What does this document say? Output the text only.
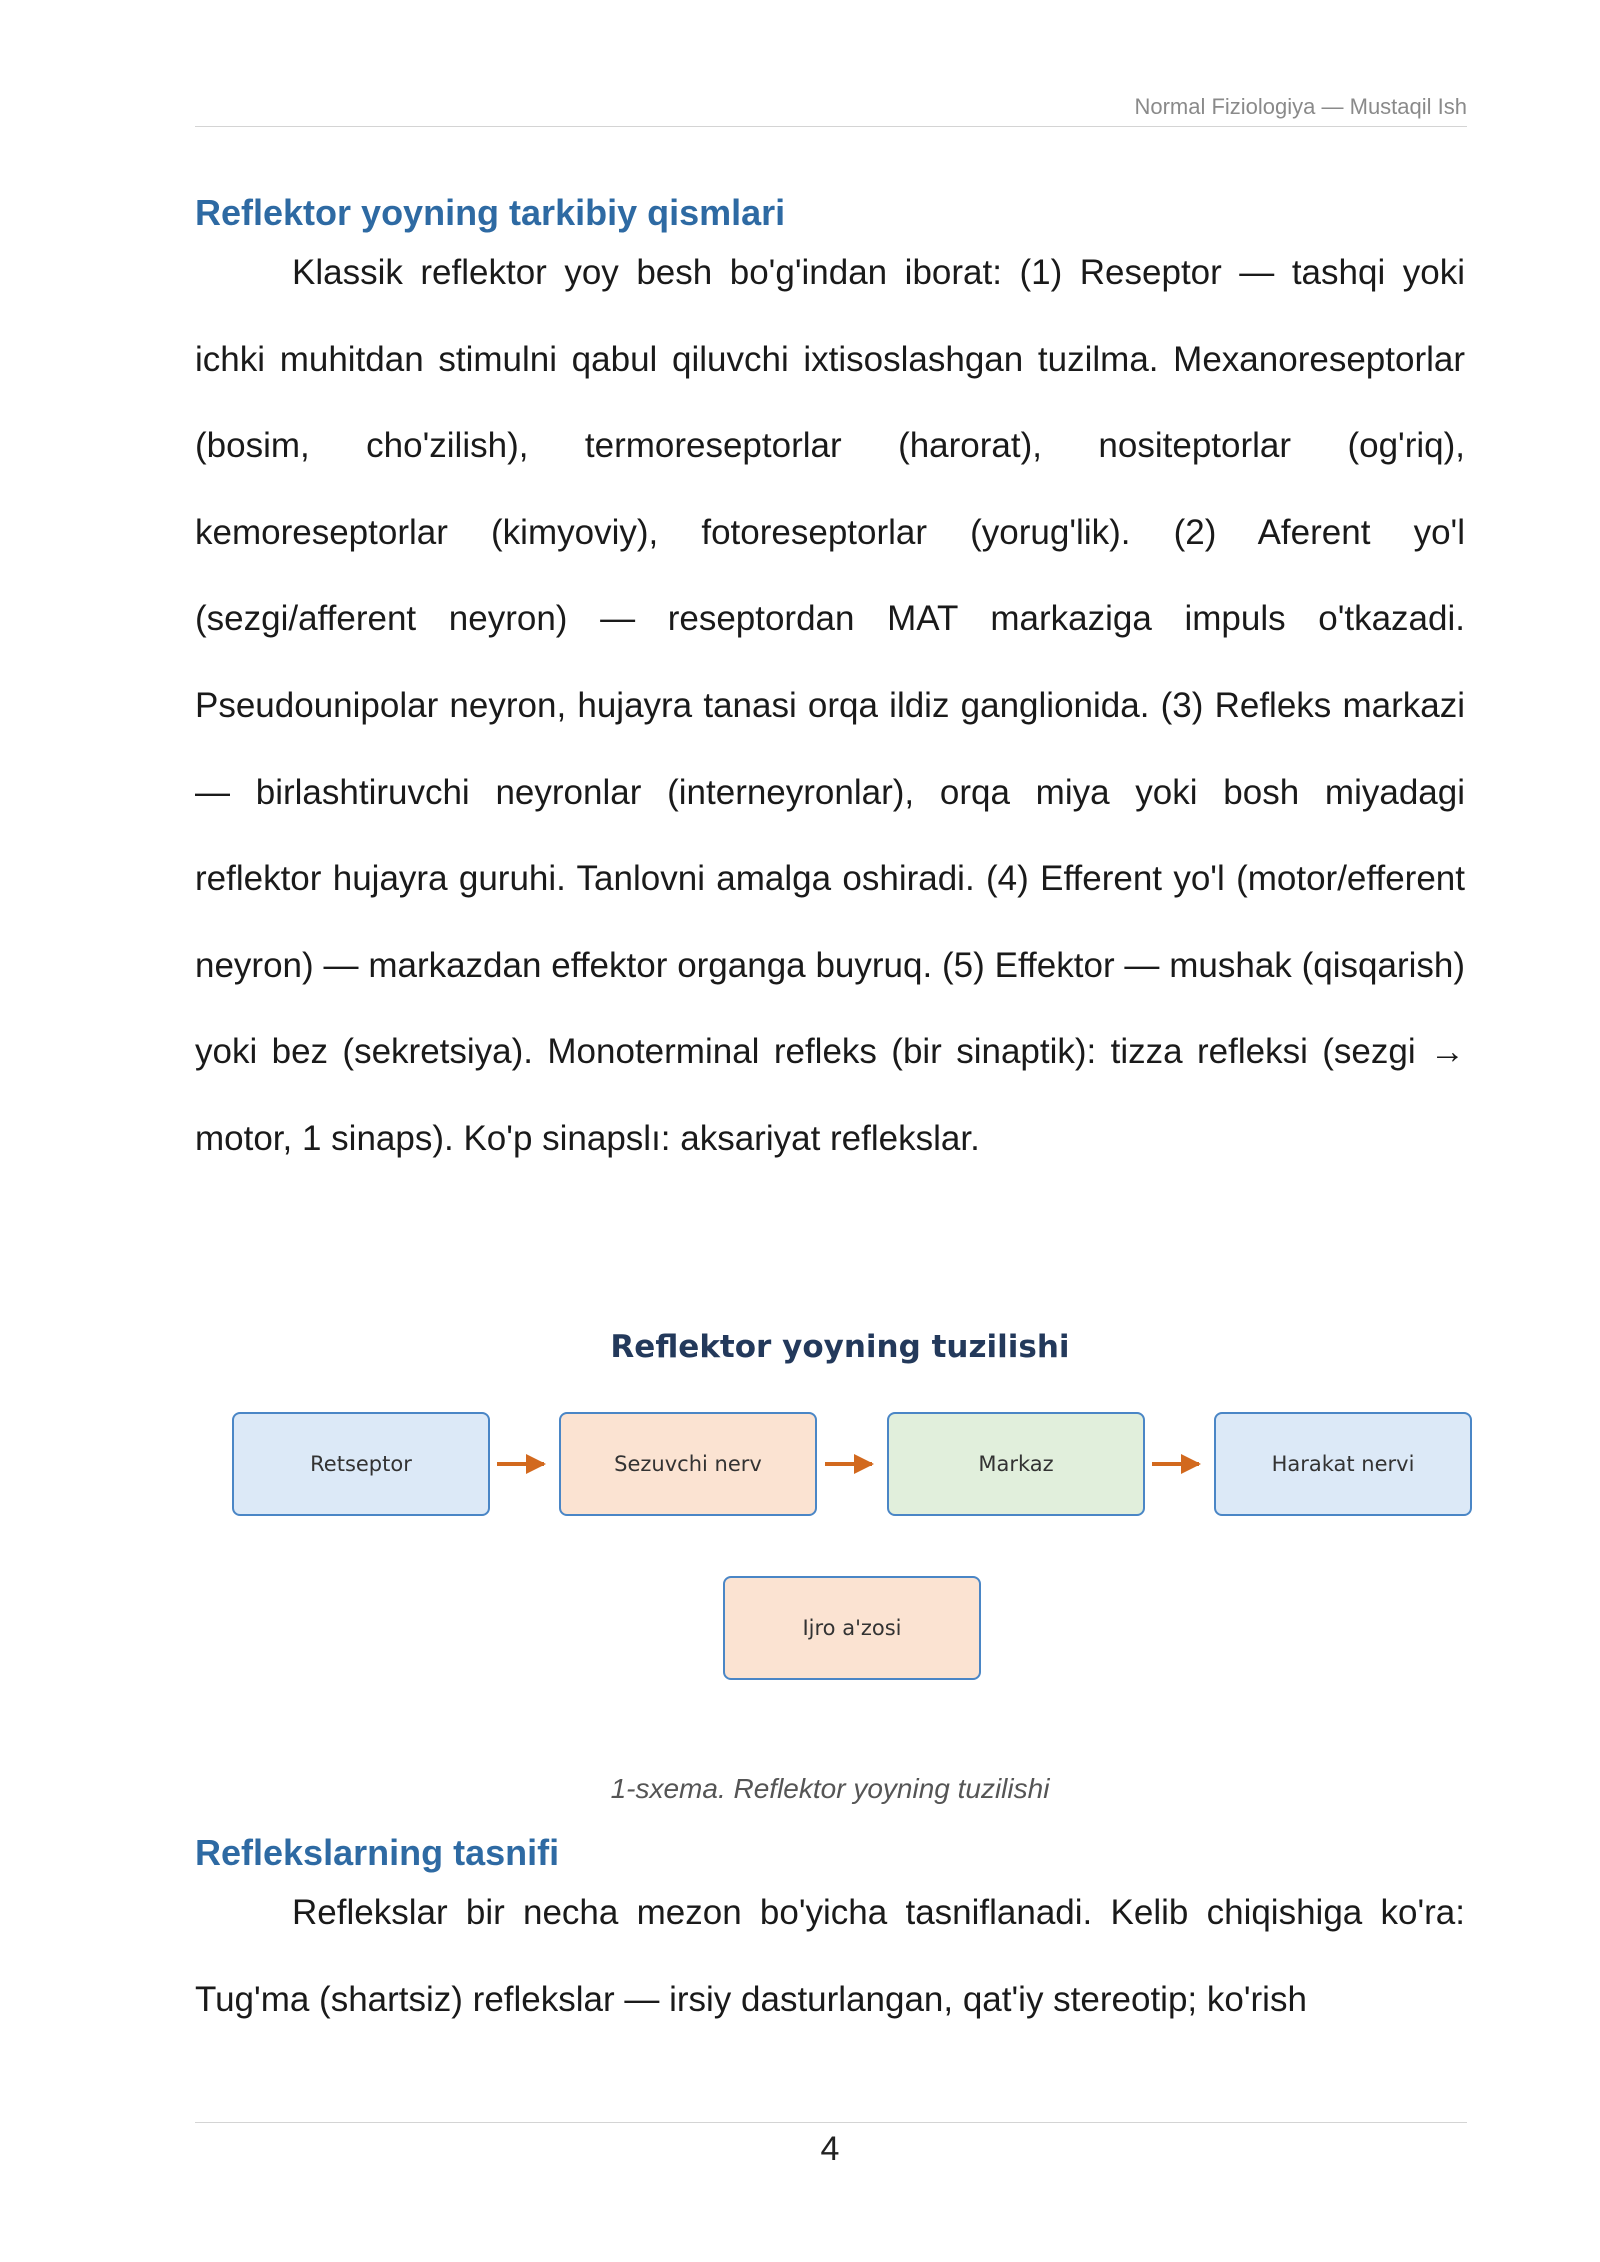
Normal Fiziologiya — Mustaqil Ish
Reflektor yoyning tarkibiy qismlari

Klassik reflektor yoy besh bo'g'indan iborat: (1) Reseptor — tashqi yoki ichki muhitdan stimulni qabul qiluvchi ixtisoslashgan tuzilma. Mexanoreseptorlar (bosim, cho'zilish), termoreseptorlar (harorat), nositeptorlar (og'riq), kemoreseptorlar (kimyoviy), fotoreseptorlar (yorug'lik). (2) Aferent yo'l (sezgi/afferent neyron) — reseptordan MAT markaziga impuls o'tkazadi. Pseudounipolar neyron, hujayra tanasi orqa ildiz ganglionida. (3) Refleks markazi — birlashtiruvchi neyronlar (interneyronlar), orqa miya yoki bosh miyadagi reflektor hujayra guruhi. Tanlovni amalga oshiradi. (4) Efferent yo'l (motor/efferent neyron) — markazdan effektor organga buyruq. (5) Effektor — mushak (qisqarish) yoki bez (sekretsiya). Monoterminal refleks (bir sinaptik): tizza refleksi (sezgi → motor, 1 sinaps). Ko'p sinapslı: aksariyat reflekslar.

Reflektor yoyning tuzilishi
Retseptor	Sezuvchi nerv	Markaz	Harakat nervi
Ijro a'zosi
1-sxema. Reflektor yoyning tuzilishi
Reflekslarning tasnifi

Reflekslar bir necha mezon bo'yicha tasniflanadi. Kelib chiqishiga ko'ra: Tug'ma (shartsiz) reflekslar — irsiy dasturlangan, qat'iy stereotip; ko'rish

4
